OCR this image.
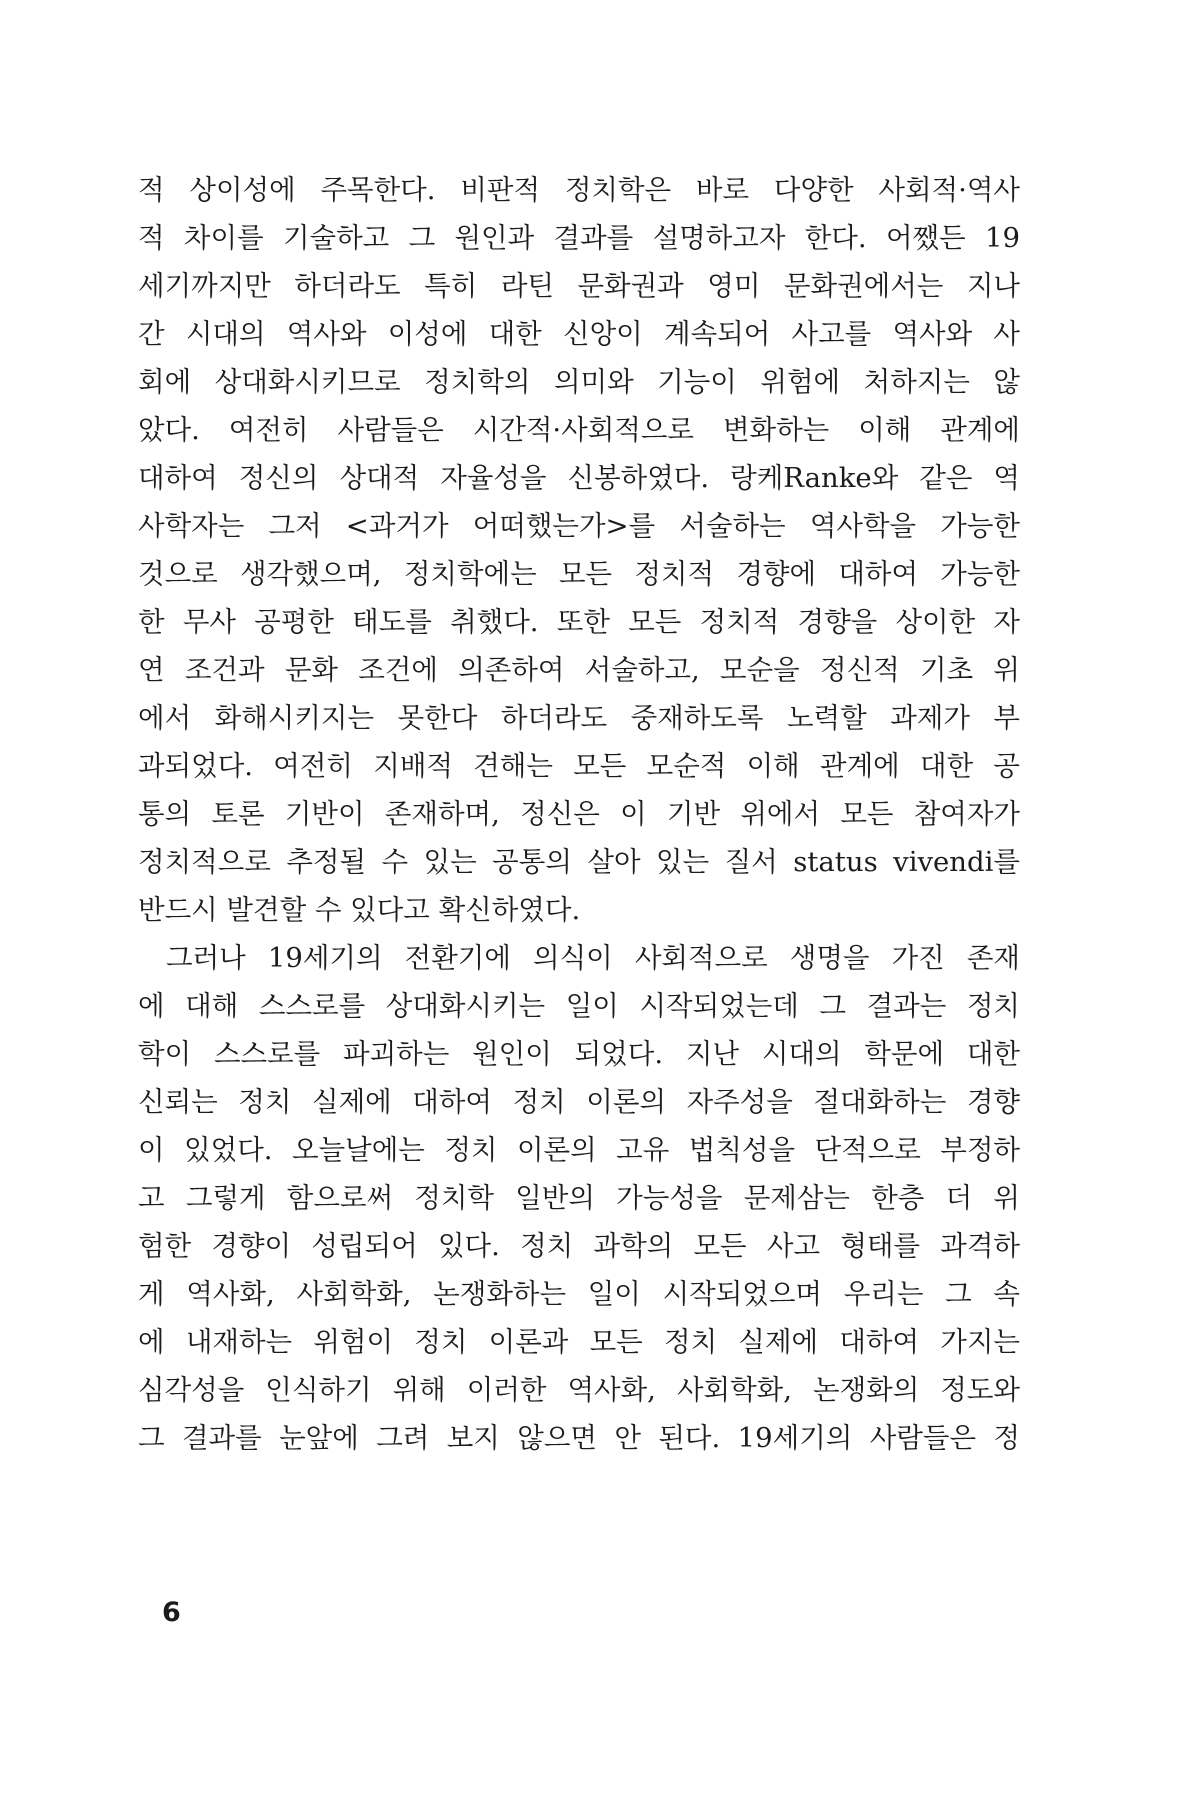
적 상이성에 주목한다. 비판적 정치학은 바로 다양한 사회적·역사
적 차이를 기술하고 그 원인과 결과를 설명하고자 한다. 어쨌든 19
세기까지만 하더라도 특히 라틴 문화권과 영미 문화권에서는 지나
간 시대의 역사와 이성에 대한 신앙이 계속되어 사고를 역사와 사
회에 상대화시키므로 정치학의 의미와 기능이 위험에 처하지는 않
았다. 여전히 사람들은 시간적·사회적으로 변화하는 이해 관계에
대하여 정신의 상대적 자율성을 신봉하였다. 랑케Ranke와 같은 역
사학자는 그저 <과거가 어떠했는가>를 서술하는 역사학을 가능한
것으로 생각했으며, 정치학에는 모든 정치적 경향에 대하여 가능한
한 무사 공평한 태도를 취했다. 또한 모든 정치적 경향을 상이한 자
연 조건과 문화 조건에 의존하여 서술하고, 모순을 정신적 기초 위
에서 화해시키지는 못한다 하더라도 중재하도록 노력할 과제가 부
과되었다. 여전히 지배적 견해는 모든 모순적 이해 관계에 대한 공
통의 토론 기반이 존재하며, 정신은 이 기반 위에서 모든 참여자가
정치적으로 추정될 수 있는 공통의 살아 있는 질서 status vivendi를
반드시 발견할 수 있다고 확신하였다.
그러나 19세기의 전환기에 의식이 사회적으로 생명을 가진 존재
에 대해 스스로를 상대화시키는 일이 시작되었는데 그 결과는 정치
학이 스스로를 파괴하는 원인이 되었다. 지난 시대의 학문에 대한
신뢰는 정치 실제에 대하여 정치 이론의 자주성을 절대화하는 경향
이 있었다. 오늘날에는 정치 이론의 고유 법칙성을 단적으로 부정하
고 그렇게 함으로써 정치학 일반의 가능성을 문제삼는 한층 더 위
험한 경향이 성립되어 있다. 정치 과학의 모든 사고 형태를 과격하
게 역사화, 사회학화, 논쟁화하는 일이 시작되었으며 우리는 그 속
에 내재하는 위험이 정치 이론과 모든 정치 실제에 대하여 가지는
심각성을 인식하기 위해 이러한 역사화, 사회학화, 논쟁화의 정도와
그 결과를 눈앞에 그려 보지 않으면 안 된다. 19세기의 사람들은 정
6
